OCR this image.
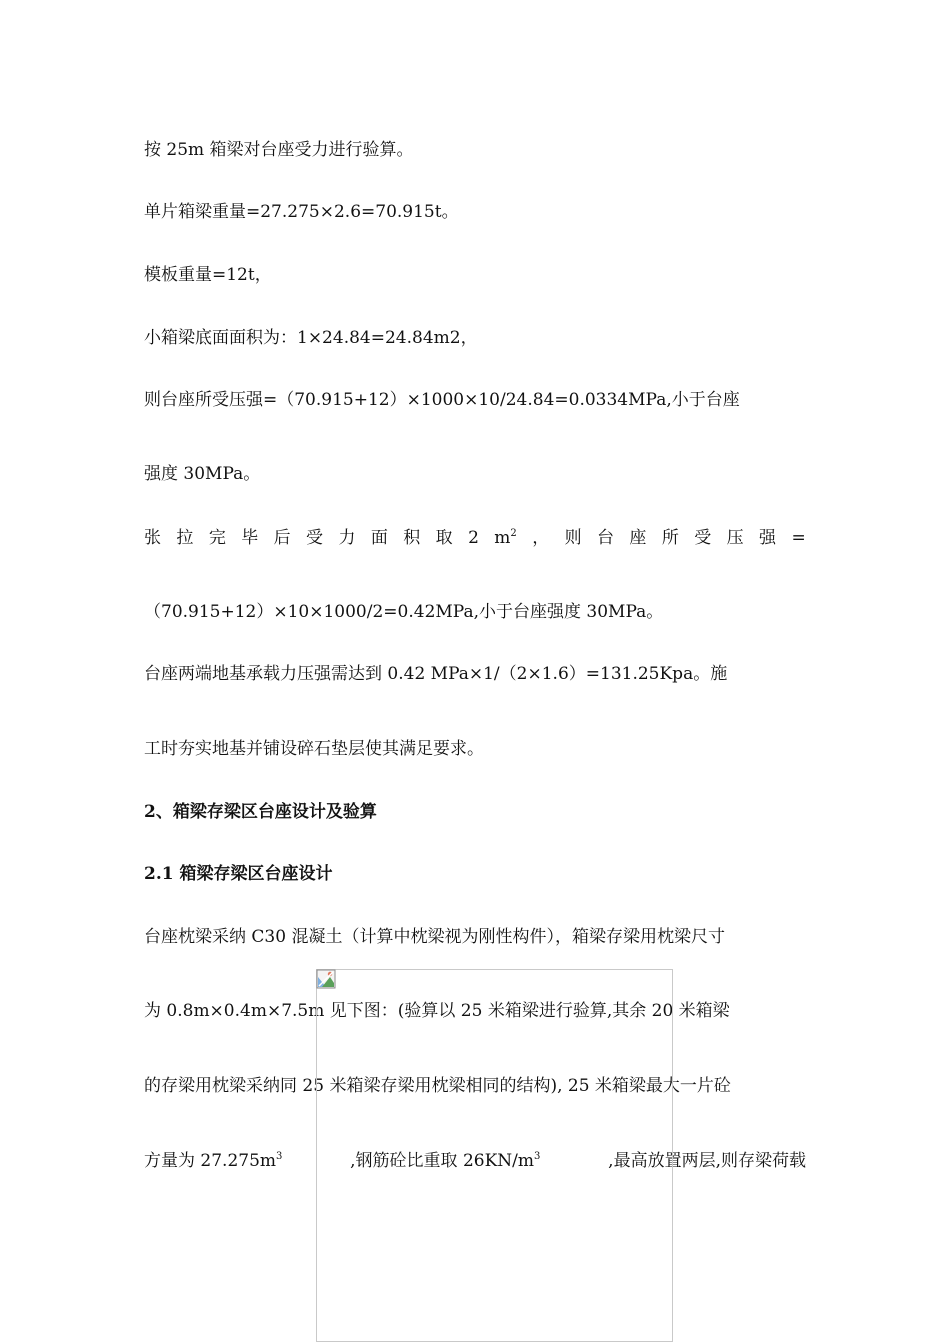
按 25m 箱梁对台座受力进行验算。
单片箱梁重量=27.275×2.6=70.915t。
模板重量=12t，
小箱梁底面面积为：1×24.84=24.84m2，
则台座所受压强=（70.915+12）×1000×10/24.84=0.0334MPa,小于台座
强度 30MPa。
张 拉 完 毕 后 受 力 面 积 取 2 $m^2$ ， 则 台 座 所 受 压 强 =
（70.915+12）×10×1000/2=0.42MPa,小于台座强度 30MPa。
台座两端地基承载力压强需达到 0.42 MPa×1/（2×1.6）=131.25Kpa。施
工时夯实地基并铺设碎石垫层使其满足要求。
2、箱梁存梁区台座设计及验算
2.1 箱梁存梁区台座设计
台座枕梁采纳 C30 混凝土（计算中枕梁视为刚性构件），箱梁存梁用枕梁尺寸
为 0.8m×0.4m×7.5m 见下图：(验算以 25 米箱梁进行验算,其余 20 米箱梁
的存梁用枕梁采纳同 25 米箱梁存梁用枕梁相同的结构), 25 米箱梁最大一片砼
方量为 $27.275m^3$	,钢筋砼比重取 $26KN/m^3$	,最高放置两层,则存梁荷载
